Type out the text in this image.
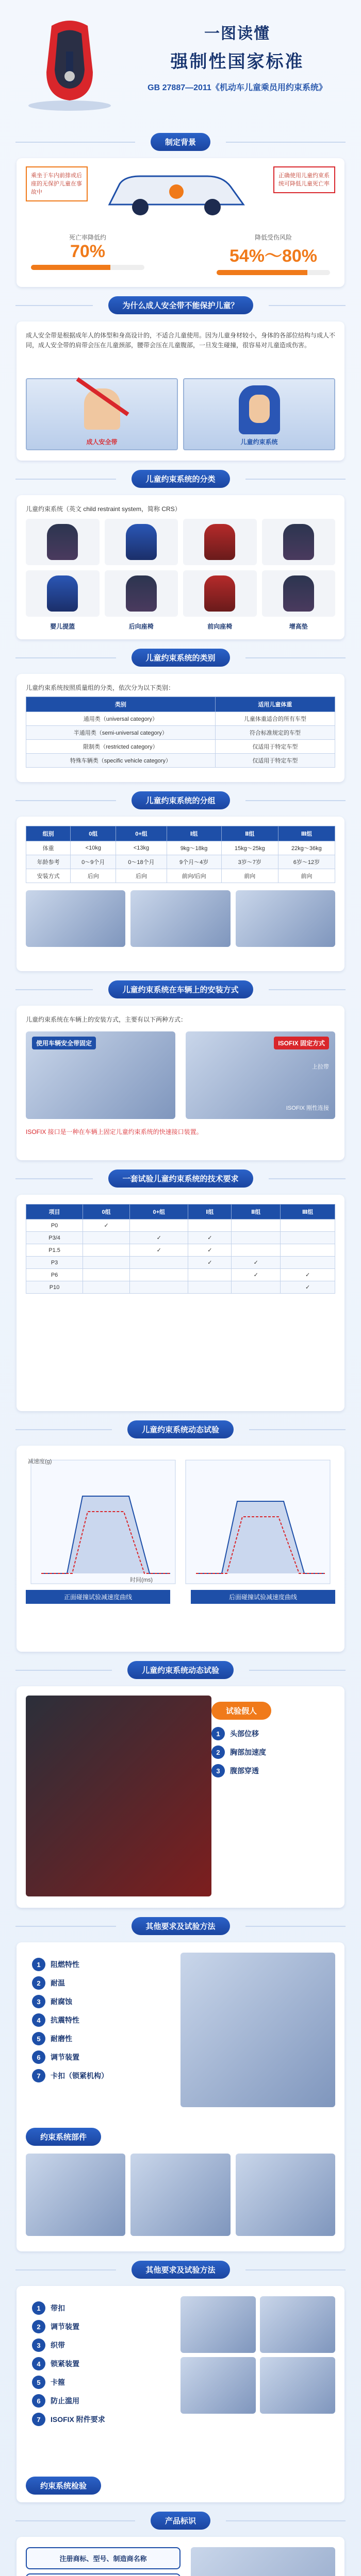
一图读懂
强制性国家标准
GB 27887—2011《机动车儿童乘员用约束系统》
制定背景
乘坐于车内前排或后座的无保护儿童在事故中
正确使用儿童约束系统可降低儿童死亡率
死亡率降低约
70%
降低受伤风险
54%～80%
为什么成人安全带不能保护儿童？

成人安全带是根据成年人的体型和身高设计的，不适合儿童使用。因为儿童身材较小，身体的各部位结构与成人不同，成人安全带的肩带会压在儿童颈部，腰带会压在儿童腹部，一旦发生碰撞，很容易对儿童造成伤害。

成人安全带	儿童约束系统
儿童约束系统的分类
儿童约束系统（英文 child restraint system，简称 CRS）
婴儿提篮	后向座椅	前向座椅	增高垫
儿童约束系统的类别
儿童约束系统按照质量组的分类，依次分为以下类别：
类别	适用儿童体重
通用类（universal category）	儿童体重适合的所有车型
半通用类（semi-universal category）	符合标准规定的车型
限制类（restricted category）	仅适用于特定车型
特殊车辆类（specific vehicle category）	仅适用于特定车型
儿童约束系统的分组
组别	0组	0+组	Ⅰ组	Ⅱ组	Ⅲ组
体重	<10kg	<13kg	9kg～18kg	15kg～25kg	22kg～36kg
年龄参考	0～9个月	0～18个月	9个月～4岁	3岁～7岁	6岁～12岁
安装方式	后向	后向	前向/后向	前向	前向
儿童约束系统在车辆上的安装方式
儿童约束系统在车辆上的安装方式，主要有以下两种方式：
使用车辆安全带固定	ISOFIX 固定方式
上拉带
ISOFIX 刚性连接
ISOFIX 接口是一种在车辆上固定儿童约束系统的快速接口装置。
一套试验儿童约束系统的技术要求
项目	0组	0+组	Ⅰ组	Ⅱ组	Ⅲ组
P0	✓				
P3/4		✓	✓		
P1.5		✓	✓		
P3			✓	✓	
P6				✓	✓
P10					✓
儿童约束系统动态试验
正面碰撞试验减速度曲线	后面碰撞试验减速度曲线
减速度(g)
时间(ms)
儿童约束系统动态试验
试验假人
1	头部位移
2	胸部加速度
3	腹部穿透
其他要求及试验方法
1	阻燃特性
2	耐温
3	耐腐蚀
4	抗震特性
5	耐磨性
6	调节装置
7	卡扣（锁紧机构）
约束系统部件
其他要求及试验方法
1	带扣
2	调节装置
3	织带
4	锁紧装置
5	卡箍
6	防止滥用
7	ISOFIX 附件要求
约束系统检验
产品标识
注册商标、型号、制造商名称
